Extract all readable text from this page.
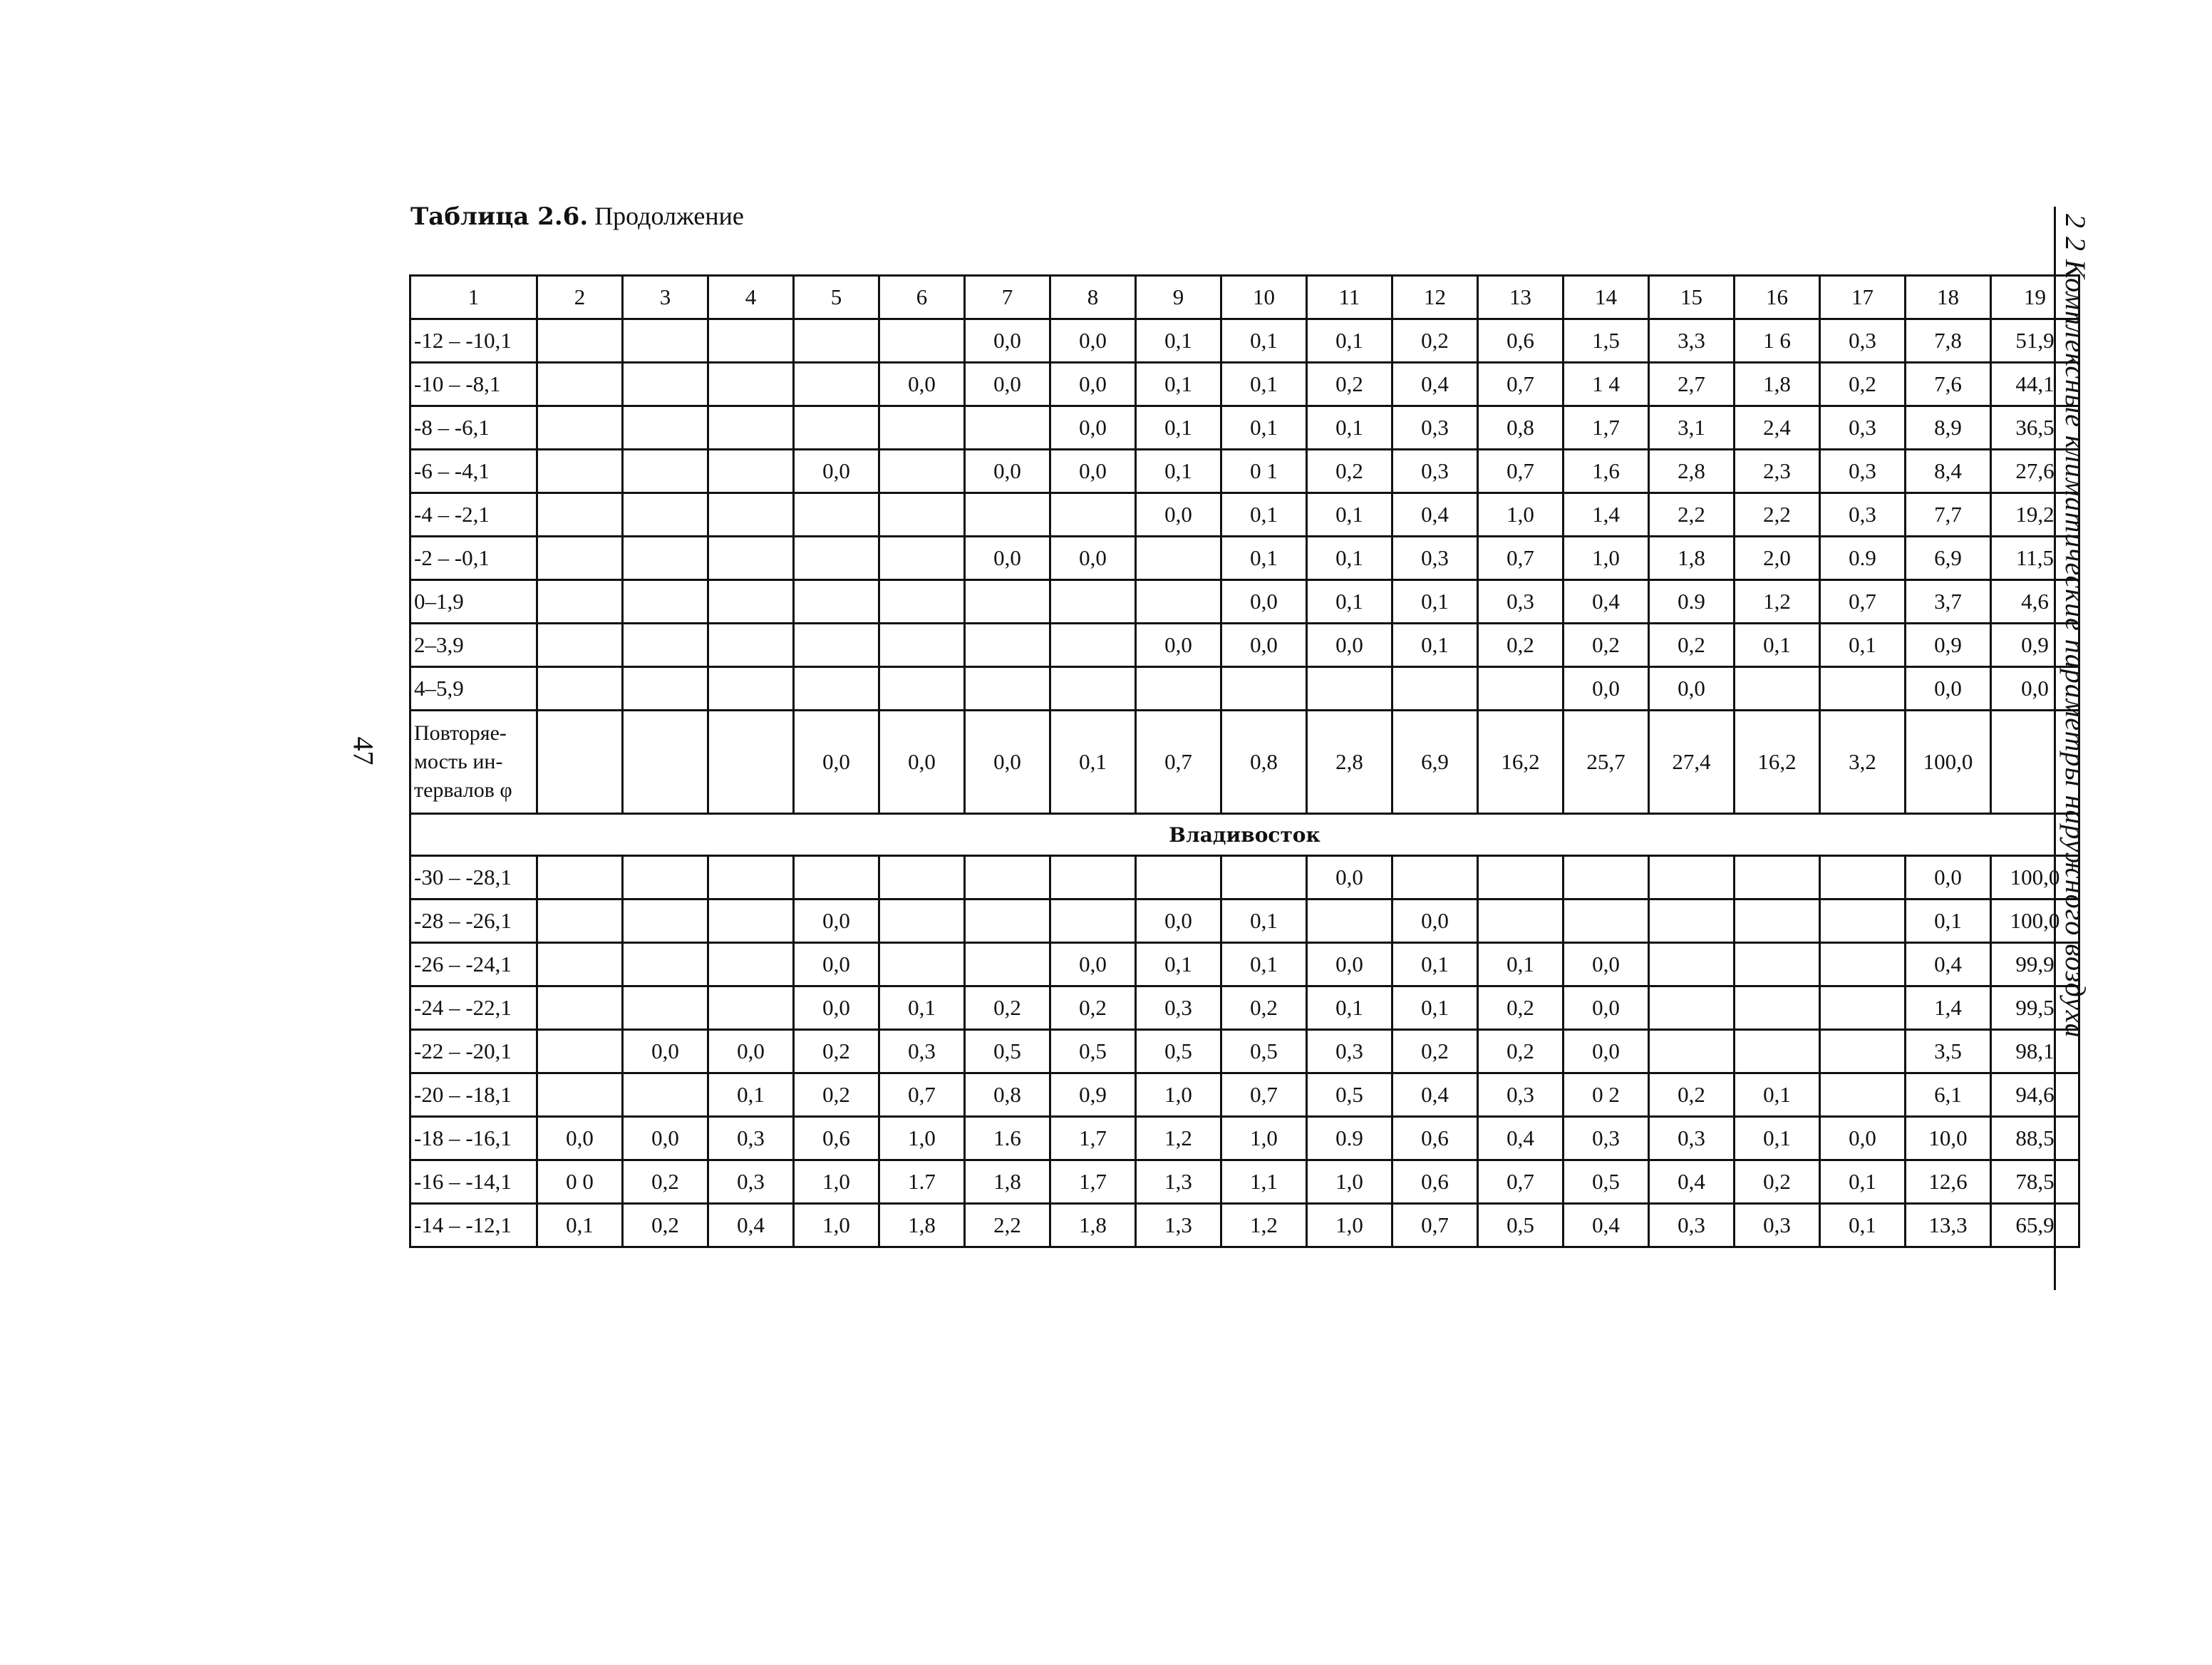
Таблица 2.6. Продолжение
47	2 2 Комплексные климатические параметры наружного воздуха
1	2	3	4	5	6	7	8	9	10	11	12	13	14	15	16	17	18	19
-12 – -10,1						0,0	0,0	0,1	0,1	0,1	0,2	0,6	1,5	3,3	1 6	0,3	7,8	51,9
-10 – -8,1					0,0	0,0	0,0	0,1	0,1	0,2	0,4	0,7	1 4	2,7	1,8	0,2	7,6	44,1
-8 – -6,1							0,0	0,1	0,1	0,1	0,3	0,8	1,7	3,1	2,4	0,3	8,9	36,5
-6 – -4,1				0,0		0,0	0,0	0,1	0 1	0,2	0,3	0,7	1,6	2,8	2,3	0,3	8,4	27,6
-4 – -2,1								0,0	0,1	0,1	0,4	1,0	1,4	2,2	2,2	0,3	7,7	19,2
-2 – -0,1						0,0	0,0		0,1	0,1	0,3	0,7	1,0	1,8	2,0	0.9	6,9	11,5
0–1,9									0,0	0,1	0,1	0,3	0,4	0.9	1,2	0,7	3,7	4,6
2–3,9								0,0	0,0	0,0	0,1	0,2	0,2	0,2	0,1	0,1	0,9	0,9
4–5,9													0,0	0,0			0,0	0,0
Повторяе-мость ин-тервалов φ				0,0	0,0	0,0	0,1	0,7	0,8	2,8	6,9	16,2	25,7	27,4	16,2	3,2	100,0	
Владивосток																		
-30 – -28,1										0,0							0,0	100,0
-28 – -26,1				0,0				0,0	0,1		0,0						0,1	100,0
-26 – -24,1				0,0			0,0	0,1	0,1	0,0	0,1	0,1	0,0				0,4	99,9
-24 – -22,1				0,0	0,1	0,2	0,2	0,3	0,2	0,1	0,1	0,2	0,0				1,4	99,5
-22 – -20,1		0,0	0,0	0,2	0,3	0,5	0,5	0,5	0,5	0,3	0,2	0,2	0,0				3,5	98,1
-20 – -18,1			0,1	0,2	0,7	0,8	0,9	1,0	0,7	0,5	0,4	0,3	0 2	0,2	0,1		6,1	94,6
-18 – -16,1	0,0	0,0	0,3	0,6	1,0	1.6	1,7	1,2	1,0	0.9	0,6	0,4	0,3	0,3	0,1	0,0	10,0	88,5
-16 – -14,1	0 0	0,2	0,3	1,0	1.7	1,8	1,7	1,3	1,1	1,0	0,6	0,7	0,5	0,4	0,2	0,1	12,6	78,5
-14 – -12,1	0,1	0,2	0,4	1,0	1,8	2,2	1,8	1,3	1,2	1,0	0,7	0,5	0,4	0,3	0,3	0,1	13,3	65,9
